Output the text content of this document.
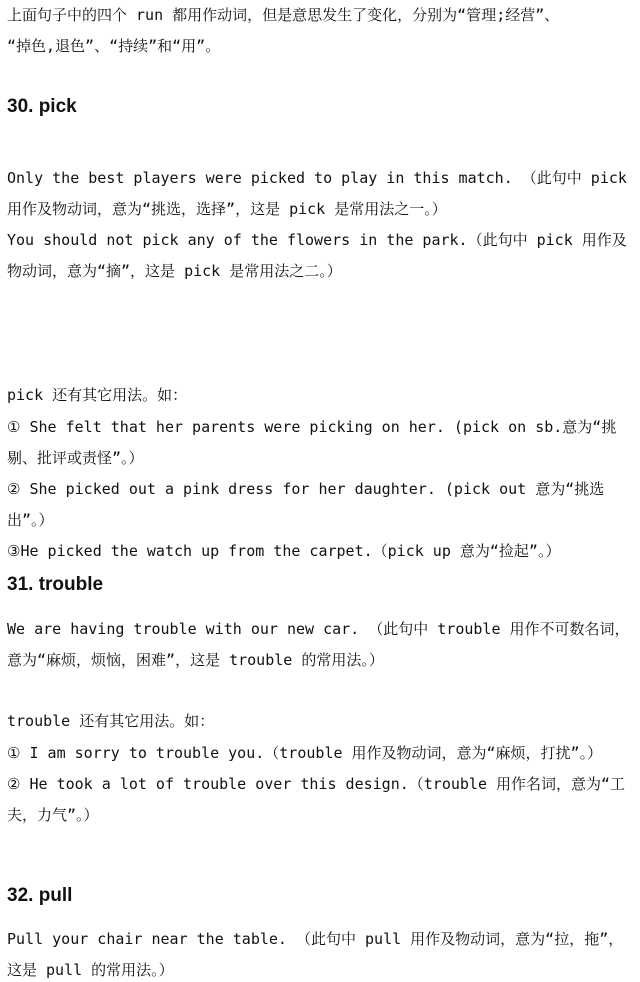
上面句子中的四个 run 都用作动词，但是意思发生了变化，分别为“管理;经营”、
“掉色,退色”、“持续”和“用”。
30. pick
Only the best players were picked to play in this match. （此句中 pick
用作及物动词，意为“挑选，选择”，这是 pick 是常用法之一。）
You should not pick any of the flowers in the park.（此句中 pick 用作及
物动词，意为“摘”，这是 pick 是常用法之二。）
pick 还有其它用法。如：
① She felt that her parents were picking on her. (pick on sb.意为“挑
剔、批评或责怪”。）
② She picked out a pink dress for her daughter. (pick out 意为“挑选
出”。）
③He picked the watch up from the carpet.（pick up 意为“捡起”。）
31. trouble
We are having trouble with our new car. （此句中 trouble 用作不可数名词，
意为“麻烦，烦恼，困难”，这是 trouble 的常用法。）
trouble 还有其它用法。如：
① I am sorry to trouble you.（trouble 用作及物动词，意为“麻烦，打扰”。）
② He took a lot of trouble over this design.（trouble 用作名词，意为“工
夫，力气”。）
32. pull
Pull your chair near the table. （此句中 pull 用作及物动词，意为“拉，拖”，
这是 pull 的常用法。）
